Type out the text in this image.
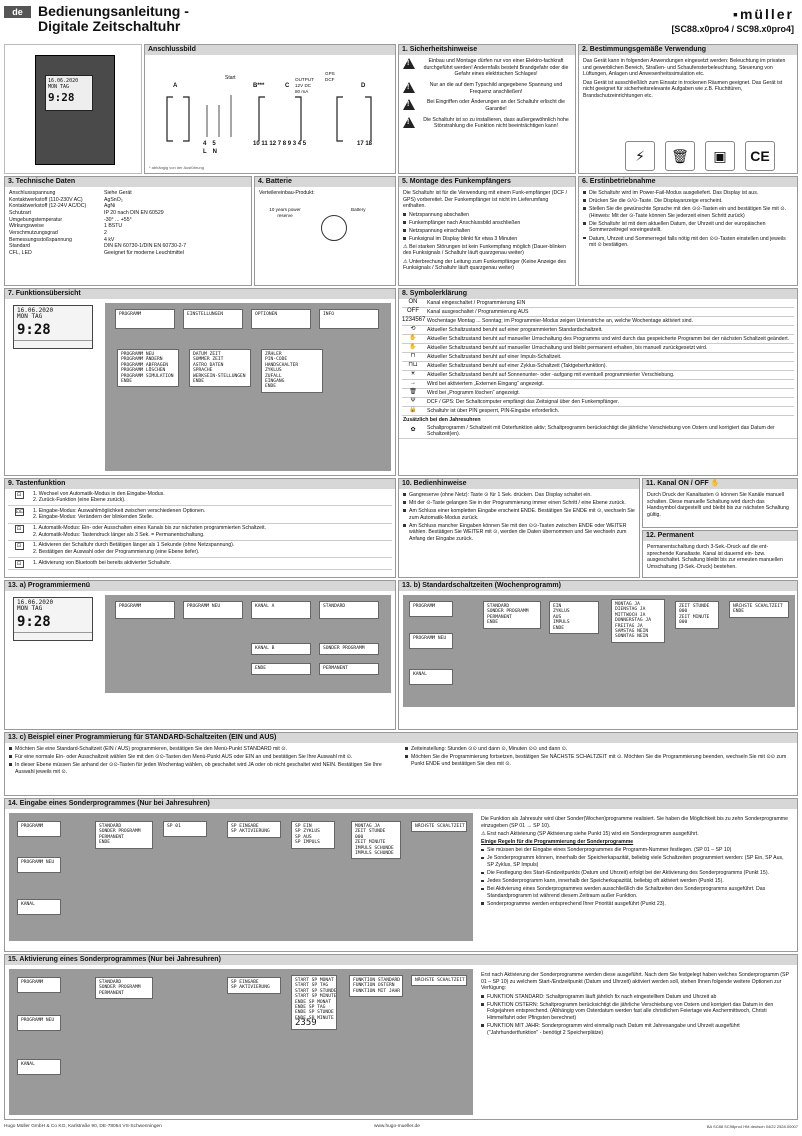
de	Bedienungsanleitung -
Digitale Zeitschaltuhr
▪müller
[SC88.x0pro4 / SC98.x0pro4]
16.06.2020
MON TAG
9:28
Anschlussbild
A	B***	C	D
Start	OUTPUT
12V DC
80 mA
GPS
DCF
4 5
L N
10 11 12 7 8 9 3 4 5	17 18
* abhängig von der Ausführung
1. Sicherheitshinweise
!
Einbau und Montage dürfen nur von einer Elektro-fachkraft durchgeführt werden! Andernfalls besteht Brandgefahr oder die Gefahr eines elektrischen Schlages!
!
Nur an die auf dem Typschild angegebene Spannung und Frequenz anschließen!
!
Bei Eingriffen oder Änderungen an der Schaltuhr erlischt die Garantie!
!
Die Schaltuhr ist so zu installieren, dass außergewöhnlich hohe Störstrahlung die Funktion nicht beeinträchtigen kann!
2. Bestimmungsgemäße Verwendung
Das Gerät kann in folgenden Anwendungen eingesetzt werden: Beleuchtung im privaten und gewerblichen Bereich, Straßen- und Schaufensterbeleuchtung, Steuerung von Lüftungen, Anlagen und Anwesenheitssimulation etc.
Das Gerät ist ausschließlich zum Einsatz in trockenen Räumen geeignet. Das Gerät ist nicht geeignet für sicherheitsrelevante Aufgaben wie z.B. Fluchttüren, Brandschutzeinrichtungen etc.
⚡	🗑	▣	CE
3. Technische Daten
Anschlussspannung	Siehe Gerät
Kontaktwerkstoff (110-230V AC)	AgSnO₂
Kontaktwerkstoff (12-24V AC/DC)	AgNi
Schutzart	IP 20 nach DIN EN 60529
Umgebungstemperatur	-30° ... +55°
Wirkungsweise	1 BSTU
Verschmutzungsgrad	2
Bemessungsstoßspannung	4 kV
Standard	DIN EN 60730-1/DIN EN 60730-2-7
CFL, LED	Geeignet für moderne Leuchtmittel
4. Batterie
Verteilereinbau-Produkt:
10 years power reserve
Battery
5. Montage des Funkempfängers
Die Schaltuhr ist für die Verwendung mit einem Funk-empfänger (DCF / GPS) vorbereitet. Der Funkempfänger ist nicht im Lieferumfang enthalten.
Netzspannung abschalten
Funkempfänger nach Anschlussbild anschließen
Netzspannung einschalten
Funksignal im Display blinkt für etwa 3 Minuten
⚠ Bei starken Störungen ist kein Funkempfang möglich (Dauer-blinken des Funksignals / Schaltuhr läuft quarzgenau weiter)
⚠ Unterbrechung der Leitung zum Funkempfänger (Keine Anzeige des Funksignals / Schaltuhr läuft quarzgenau weiter)
6. Erstinbetriebnahme
Die Schaltuhr wird im Power-Fail-Modus ausgeliefert. Das Display ist aus.
Drücken Sie die ⊙/⊙-Taste. Die Displayanzeige erscheint.
Stellen Sie die gewünschte Sprache mit den ⊙⊙-Tasten ein und bestätigen Sie mit ⊙. (Hinweis: Mit der ⊙-Taste können Sie jederzeit einen Schritt zurück)
Die Schaltuhr ist mit dem aktuellen Datum, der Uhrzeit und der europäischen Sommerzeitregel voreingestellt.
Datum, Uhrzeit und Sommerregel falls nötig mit den ⊙⊙-Tasten einstellen und jeweils mit ⊙ bestätigen.
7. Funktionsübersicht
16.06.2020
MON TAG
9:28
PROGRAMM	EINSTELLUNGEN	OPTIONEN	INFO
PROGRAMM NEU
PROGRAMM ÄNDERN
PROGRAMM ABFRAGEN
PROGRAMM LÖSCHEN
PROGRAMM SIMULATION
ENDE
DATUM ZEIT
SOMMER ZEIT
ASTRO DATEN
SPRACHE
WERKSEIN-STELLUNGEN
ENDE
ZÄHLER
PIN-CODE
HANDSCHALTER
ZYKLUS
ZUFALL
EINGANG
ENDE
8. Symbolerklärung
ON	Kanal eingeschaltet / Programmierung EIN
OFF	Kanal ausgeschaltet / Programmierung AUS
1234567 Wochentage Montag ... Sonntag; im Programmier-Modus zeigen Unterstriche an, welche Wochentage aktiviert sind.
⟲	Aktueller Schaltzustand beruht auf einer programmierten Standardschaltzeit.
✋	Aktueller Schaltzustand beruht auf manueller Umschaltung des Programms und wird durch das gespeicherte Programm bei der nächsten Schaltzeit geändert.
✋	Aktueller Schaltzustand beruht auf manueller Umschaltung und bleibt permanent erhalten, bis manuell zurückgesetzt wird.
⊓	Aktueller Schaltzustand beruht auf einer Impuls-Schaltzeit.
⊓⊔	Aktueller Schaltzustand beruht auf einer Zyklus-Schaltzeit (Taktgeberfunktion).
☀	Aktueller Schaltzustand beruht auf Sonnenunter- oder -aufgang mit eventuell programmierter Verschiebung.
→	Wird bei aktiviertem „Externen Eingang“ angezeigt.
🗑	Wird bei „Programm löschen“ angezeigt.
Ψ	DCF / GPS: Der Schaltcomputer empfängt das Zeitsignal über den Funkempfänger.
🔒	Schaltuhr ist über PIN gesperrt, PIN-Eingabe erforderlich.
Zusätzlich bei den Jahresuhren
✿	Schaltprogramm / Schaltzeit mit Osterfunktion aktiv; Schaltprogramm berücksichtigt die jährliche Verschiebung von Ostern und korrigiert das Datum der Schaltzeit(en).
9. Tastenfunktion
⊡	1. Wechsel von Automatik-Modus in den Eingabe-Modus.
2. Zurück-Funktion (eine Ebene zurück).
⊡⊡	1. Eingabe-Modus: Auswahlmöglichkeit zwischen verschiedenen Optionen.
2. Eingabe-Modus: Verändern der blinkenden Stelle.
⊡	1. Automatik-Modus: Ein- oder Ausschalten eines Kanals bis zur nächsten programmierten Schaltzeit.
2. Automatik-Modus: Tastendruck länger als 3 Sek. = Permanentschaltung.
⊡	1. Aktivieren der Schaltuhr durch Betätigen länger als 1 Sekunde (ohne Netzspannung).
2. Bestätigen der Auswahl oder der Programmierung (eine Ebene tiefer).
⊡	1. Aktivierung von Bluetooth bei bereits aktivierter Schaltuhr.
10. Bedienhinweise
Gangreserve (ohne Netz): Taste ⊙ für 1 Sek. drücken. Das Display schaltet ein.
Mit der ⊙-Taste gelangen Sie in der Programmierung immer einen Schritt / eine Ebene zurück.
Am Schluss einer kompletten Eingabe erscheint ENDE. Bestätigen Sie ENDE mit ⊙, wechseln Sie zum Automatik-Modus zurück.
Am Schluss mancher Eingaben können Sie mit den ⊙⊙-Tasten zwischen ENDE oder WEITER wählen. Bestätigen Sie WEITER mit ⊙, werden die Daten übernommen und Sie wechseln zum Anfang der Eingabe zurück.
11. Kanal ON / OFF ✋
Durch Druck der Kanaltasten ⊙ können Sie Kanäle manuell schalten. Diese manuelle Schaltung wird durch das Handsymbol dargestellt und bleibt bis zur nächsten Schaltung gültig.
12. Permanent
Permanentschaltung durch 3-Sek.-Druck auf die ent-sprechende Kanaltaste. Kanal ist dauernd ein- bzw. ausgeschaltet. Schaltung bleibt bis zur erneuten manuellen Umschaltung (3-Sek.-Druck) bestehen.
13. a) Programmiermenü
16.06.2020
MON TAG
9:28
PROGRAMM	PROGRAMM NEU	KANAL A	STANDARD
KANAL B
ENDE
SONDER PROGRAMM
PERMANENT
13. b) Standardschaltzeiten (Wochenprogramm)
PROGRAMM
PROGRAMM NEU
KANAL
STANDARD
SONDER PROGRAMM
PERMANENT
ENDE
EIN
ZYKLUS
AUS
IMPULS
ENDE
MONTAG JA
DIENSTAG JA
MITTWOCH JA
DONNERSTAG JA
FREITAG JA
SAMSTAG NEIN
SONNTAG NEIN
ZEIT STUNDE
000
ZEIT MINUTE
000
NÄCHSTE SCHALTZEIT
ENDE
13. c) Beispiel einer Programmierung für STANDARD-Schaltzeiten (EIN und AUS)
Möchten Sie eine Standard-Schaltzeit (EIN / AUS) programmieren, bestätigen Sie den Menü-Punkt STANDARD mit ⊙.
Für eine normale Ein- oder Ausschaltzeit wählen Sie mit den ⊙⊙-Tasten den Menü-Punkt AUS oder EIN an und bestätigen Sie Ihre Auswahl mit ⊙.
In dieser Ebene müssen Sie anhand der ⊙⊙-Tasten für jeden Wochentag wählen, ob geschaltet wird JA oder ob nicht geschaltet wird NEIN. Bestätigen Sie Ihre Auswahl jeweils mit ⊙.
Zeiteinstellung: Stunden ⊙⊙ und dann ⊙, Minuten ⊙⊙ und dann ⊙.
Möchten Sie die Programmierung fortsetzen, bestätigen Sie NÄCHSTE SCHALTZEIT mit ⊙. Möchten Sie die Programmierung beenden, wechseln Sie mit ⊙⊙ zum Punkt ENDE und bestätigen Sie dies mit ⊙.
14. Eingabe eines Sonderprogrammes (Nur bei Jahresuhren)
PROGRAMM
PROGRAMM NEU
KANAL
STANDARD
SONDER PROGRAMM
PERMANENT
ENDE
SP 01	SP EINGABE
SP AKTIVIERUNG
SP EIN
SP ZYKLUS
SP AUS
SP IMPULS
MONTAG JA
ZEIT STUNDE
000
ZEIT MINUTE
IMPULS SCHUNDE
IMPULS SCHUNDE
NÄCHSTE SCHALTZEIT
Die Funktion als Jahresuhr wird über Sonder(Wochen)programme realisiert. Sie haben die Möglichkeit bis zu zehn Sonderprogramme einzugeben (SP 01 → SP 10).
⚠ Erst nach Aktivierung (SP Aktivierung siehe Punkt 15) wird ein Sonderprogramm ausgeführt.
Einige Regeln für die Programmierung der Sonderprogramme
Sie müssen bei der Eingabe eines Sonderprogrammes die Programm-Nummer festlegen. (SP 01 – SP 10)
Je Sonderprogramm können, innerhalb der Speicherkapazität, beliebig viele Schaltzeiten programmiert werden: (SP Ein, SP Aus, SP Zyklus, SP Impuls)
Die Festlegung des Start-/Endzeitpunkts (Datum und Uhrzeit) erfolgt bei der Aktivierung des Sonderprogramms (Punkt 15).
Jedes Sonderprogramm kann, innerhalb der Speicherkapazität, beliebig oft aktiviert werden (Punkt 15).
Bei Aktivierung eines Sonderprogrammes werden ausschließlich die Schaltzeiten des Sonderprogramms ausgeführt. Das Standardprogramm ist während diesem Zeitraum außer Funktion.
Sonderprogramme werden entsprechend Ihrer Priorität ausgeführt (Punkt 23).
15. Aktivierung eines Sonderprogrammes (Nur bei Jahresuhren)
PROGRAMM
PROGRAMM NEU
KANAL
STANDARD
SONDER PROGRAMM
PERMANENT
SP EINGABE
SP AKTIVIERUNG
START SP MONAT
START SP TAG
START SP STUNDE
START SP MINUTE
ENDE SP MONAT
ENDE SP TAG
ENDE SP STUNDE
ENDE SP MINUTE
2359
FUNKTION STANDARD
FUNKTION OSTERN
FUNKTION MIT JAHR
NÄCHSTE SCHALTZEIT
Erst nach Aktivierung der Sonderprogramme werden diese ausgeführt. Nach dem Sie festgelegt haben welches Sonderprogramm (SP 01 – SP 10) zu welchem Start-/Endzeitpunkt (Datum und Uhrzeit) aktiviert werden soll, stehen Ihnen folgende weitere Optionen zur Verfügung:
FUNKTION STANDARD: Schaltprogramm läuft jährlich fix nach eingestelltem Datum und Uhrzeit ab
FUNKTION OSTERN: Schaltprogramm berücksichtigt die jährliche Verschiebung von Ostern und korrigiert das Datum in den Folgejahren entsprechend. (Abhängig vom Osterdatum werden fast alle christlichen Feiertage wie Aschermittwoch, Christi Himmelfahrt oder Pfingsten berechnet)
FUNKTION MIT JAHR: Sonderprogramm wird einmalig nach Datum mit Jahresangabe und Uhrzeit ausgeführt ("Jahrhundertfunktion" - benötigt 2 Speicherplätze)
Hugo Müller GmbH & Co KG, Karlstraße 90, DE-78054 VS-Schwenningen	www.hugo-mueller.de	BA SC88 SC98pro4 HM deutsch 04/22 2528.00007
